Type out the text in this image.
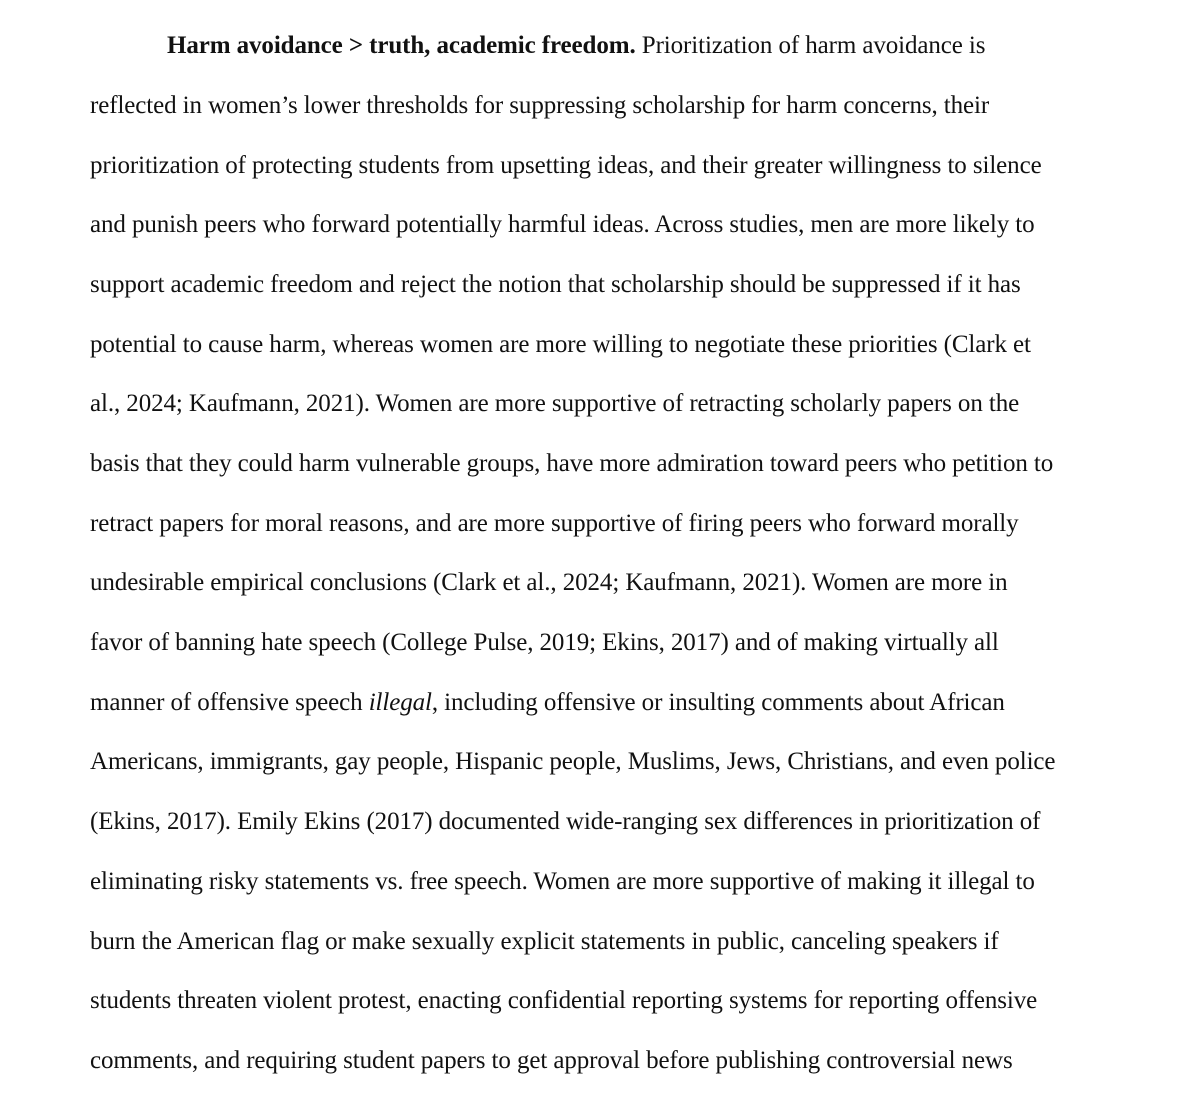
Harm avoidance > truth, academic freedom. Prioritization of harm avoidance is
reflected in women’s lower thresholds for suppressing scholarship for harm concerns, their
prioritization of protecting students from upsetting ideas, and their greater willingness to silence
and punish peers who forward potentially harmful ideas. Across studies, men are more likely to
support academic freedom and reject the notion that scholarship should be suppressed if it has
potential to cause harm, whereas women are more willing to negotiate these priorities (Clark et
al., 2024; Kaufmann, 2021). Women are more supportive of retracting scholarly papers on the
basis that they could harm vulnerable groups, have more admiration toward peers who petition to
retract papers for moral reasons, and are more supportive of firing peers who forward morally
undesirable empirical conclusions (Clark et al., 2024; Kaufmann, 2021). Women are more in
favor of banning hate speech (College Pulse, 2019; Ekins, 2017) and of making virtually all
manner of offensive speech illegal, including offensive or insulting comments about African
Americans, immigrants, gay people, Hispanic people, Muslims, Jews, Christians, and even police
(Ekins, 2017). Emily Ekins (2017) documented wide-ranging sex differences in prioritization of
eliminating risky statements vs. free speech. Women are more supportive of making it illegal to
burn the American flag or make sexually explicit statements in public, canceling speakers if
students threaten violent protest, enacting confidential reporting systems for reporting offensive
comments, and requiring student papers to get approval before publishing controversial news
